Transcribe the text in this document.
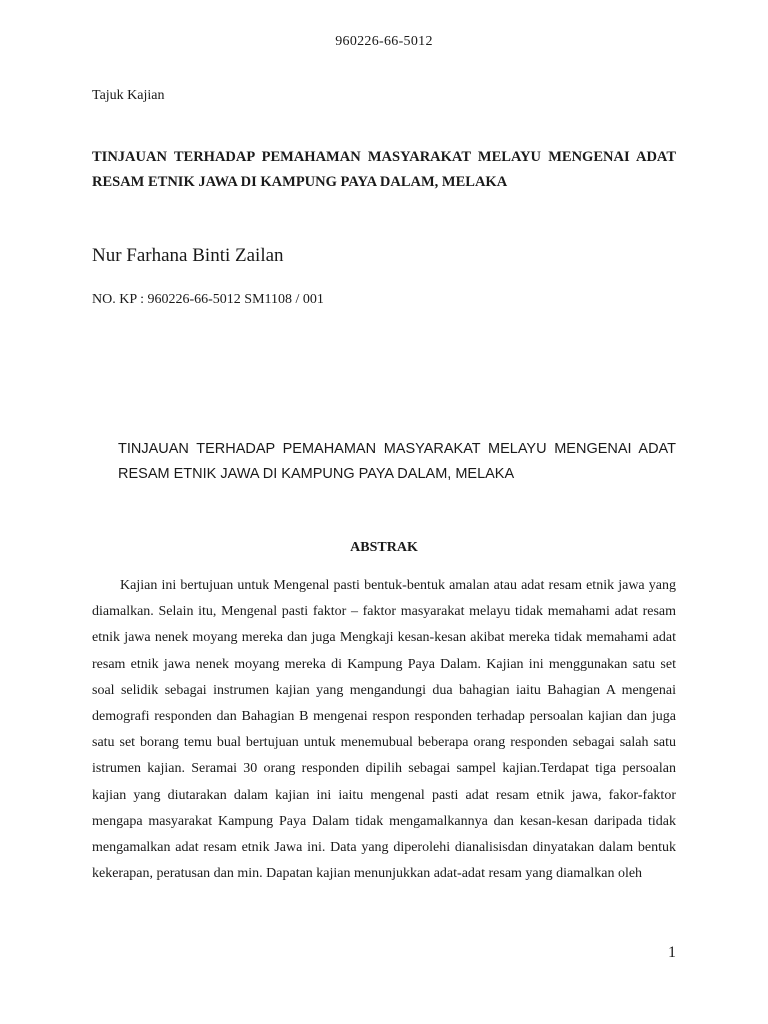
960226-66-5012
Tajuk Kajian
TINJAUAN TERHADAP PEMAHAMAN MASYARAKAT MELAYU MENGENAI ADAT RESAM ETNIK JAWA DI KAMPUNG PAYA DALAM, MELAKA
Nur Farhana Binti Zailan
NO. KP : 960226-66-5012 SM1108 / 001
TINJAUAN TERHADAP PEMAHAMAN MASYARAKAT MELAYU MENGENAI ADAT RESAM ETNIK JAWA DI KAMPUNG PAYA DALAM, MELAKA
ABSTRAK
Kajian ini bertujuan untuk Mengenal pasti bentuk-bentuk amalan atau adat resam etnik jawa yang diamalkan. Selain itu, Mengenal pasti faktor – faktor masyarakat melayu tidak memahami adat resam etnik jawa nenek moyang mereka dan juga Mengkaji kesan-kesan akibat mereka tidak memahami adat resam etnik jawa nenek moyang mereka di Kampung Paya Dalam. Kajian ini menggunakan satu set soal selidik sebagai instrumen kajian yang mengandungi dua bahagian iaitu Bahagian A mengenai demografi responden dan Bahagian B mengenai respon responden terhadap persoalan kajian dan juga satu set borang temu bual bertujuan untuk menemubual beberapa orang responden sebagai salah satu istrumen kajian. Seramai 30 orang responden dipilih sebagai sampel kajian.Terdapat tiga persoalan kajian yang diutarakan dalam kajian ini iaitu mengenal pasti adat resam etnik jawa, fakor-faktor mengapa masyarakat Kampung Paya Dalam tidak mengamalkannya dan kesan-kesan daripada tidak mengamalkan adat resam etnik Jawa ini. Data yang diperolehi dianalisisdan dinyatakan dalam bentuk kekerapan, peratusan dan min. Dapatan kajian menunjukkan adat-adat resam yang diamalkan oleh
1
